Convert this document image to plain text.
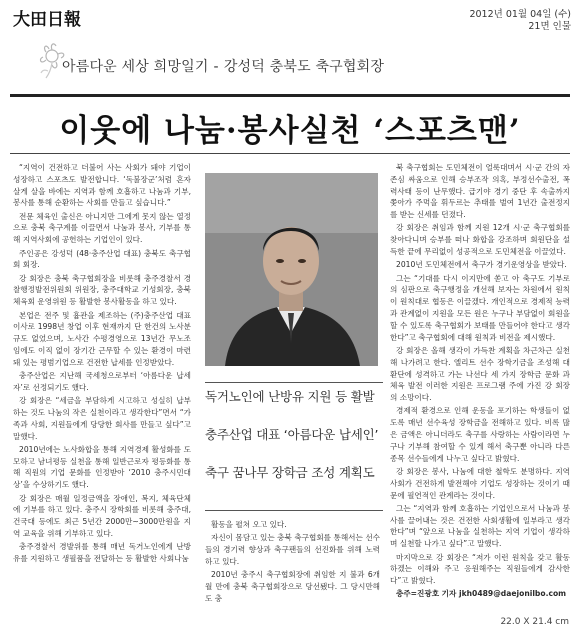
大田日報	2012년 01월 04일 (수)
21면 인물
아름다운 세상 희망일기 - 강성덕 충북도 축구협회장
이웃에 나눔·봉사실천 ‘스포츠맨’

“지역이 건전하고 더불어 사는 사회가 돼야 기업이 성장하고 스포츠도 발전합니다. ‘독불장군’처럼 혼자 살게 살을 바에는 지역과 함께 호흡하고 나눔과 기부, 봉사를 통해 순환하는 사회를 만들고 싶습니다.”

전문 체육인 출신은 아니지만 그에게 못지 않는 열정으로 충북 축구계를 이끌면서 나눔과 봉사, 기부를 통해 지역사회에 공헌하는 기업인이 있다.

주인공은 강성덕 (48·충주산업 대표) 충북도 축구협회 회장.

강 회장은 충북 축구협회장을 비롯해 충주경찰서 경찰행정발전위원회 위원장, 충주대학교 기성회장, 충북체육회 운영위원 등 활발한 봉사활동을 하고 있다.

본업은 전주 및 흄관을 제조하는 (주)충주산업 대표이사로 1998년 창업 이후 현재까지 단 한건의 노사분규도 없었으며, 노사간 수평경영으로 13년간 무노조 임에도 이직 없이 장기간 근무할 수 있는 환경이 마련돼 있는 평범기업으로 건전한 납세를 인정받았다.

충주산업은 지난해 국세청으로부터 ‘아름다운 납세자’로 선정되기도 했다.

강 회장은 “세금을 부담하게 시고하고 성실히 납부하는 것도 나눔의 작은 실천이라고 생각한다”면서 “가족과 사회, 지원들에게 당당한 회사를 만들고 싶다”고 말했다.

2010년에는 노사화합을 통해 지역경제 활성화를 도모하고 남녀평등 실천을 통해 일반근로자 평등화를 통해 직원의 기업 문화를 인정받아 ‘2010 충주시민대상’을 수상하기도 했다.

강 회장은 매월 일정금액을 장애인, 복지, 체육단체에 기부를 하고 있다. 충주시 장학회를 비롯해 충주대, 건국대 등에도 최근 5년간 2000만~3000만원을 지역 교육을 위해 기부하고 있다.

충주경찰서 경발위를 통해 매년 독거노인에게 난방유를 지원하고 생필품을 전달하는 등 활발한 사회나눔

독거노인에 난방유 지원 등 활발
충주산업 대표 ‘아름다운 납세인’
축구 꿈나무 장학금 조성 계획도

활동을 펼쳐 오고 있다.

자신이 몸담고 있는 충북 축구협회를 통해서는 선수들의 경기력 향상과 축구팬들의 선진화를 위해 노력하고 있다.

2010년 충주시 축구협회장에 취임한 지 불과 6개월 만에 충북 축구협회장으로 당선됐다. 그 당시만해도 충

북 축구협회는 도민체전이 얼룩대며서 시·군 간의 자존심 싸움으로 인해 승부조작 의혹, 부정선수출전, 폭력사태 등이 난무했다. 급기야 경기 중단 후 속출까지 쫓아가 주먹을 휘두르는 추태를 벌여 1년간 출전정지를 받는 신세를 던졌다.

강 회장은 취임과 함께 지원 12개 시·군 축구협회를 찾아다니며 승부를 떠나 화합을 강조하며 회원단을 설득한 끝에 무리없이 성공적으로 도민체전을 이끌었다.

2010년 도민체전에서 축구가 경기운영상을 받았다.

그는 “기대를 다시 이지만에 쏟고 아 축구도 기부로의 심판으로 축구행정을 개선해 보자는 차원에서 원칙이 원칙대로 협동은 이끌겠다. 개인적으로 경제적 능력과 관계없이 지원을 모든 원은 누구나 부담없이 회원을 할 수 있도록 축구협회가 보태를 만들어야 한다고 생각한다”고 축구협회에 대해 원칙과 비전을 제시했다.

강 회장은 올해 생각이 가득찬 계획을 차근차근 실천해 나가려고 한다. 엘리트 선수 장학기금을 조성해 대환단에 성격하고 가는 나선다 세 가지 장학금 문화 과 체육 발전 이러한 지원은 프로그램 주에 가진 강 회장의 소망이다.

경제적 환경으로 인해 운동을 포기하는 학생들이 없도록 매년 선수육성 장학금을 전해하고 있다. 비록 많은 금액은 아니더라도 축구를 사랑하는 사람이라면 누구나 기부해 참여할 수 있게 해서 축구뿐 아니라 다른 종목 선수들에게 나누고 싶다고 밝혔다.

강 회장은 봉사, 나눔에 대한 철학도 분명하다. 지역사회가 건전하게 발전해야 기업도 성장하는 것이기 때문에 필연적인 관계라는 것이다.

그는 “지역과 함께 호흡하는 기업인으로서 나눔과 봉사를 끌어내는 것은 건전한 사회생활에 일부라고 생각한다”며 “앞으로 나눔을 실천하는 지역 기업이 생각하며 실천할 나가고 싶다”고 말했다.

마지막으로 강 회장은 “저가 이런 원칙을 갖고 활동하겠는 이해와 주고 응원해주는 직원들에게 감사한다”고 밝혔다.

충주=진광호 기자 jkh0489@daejonilbo.com

22.0 X 21.4 cm
